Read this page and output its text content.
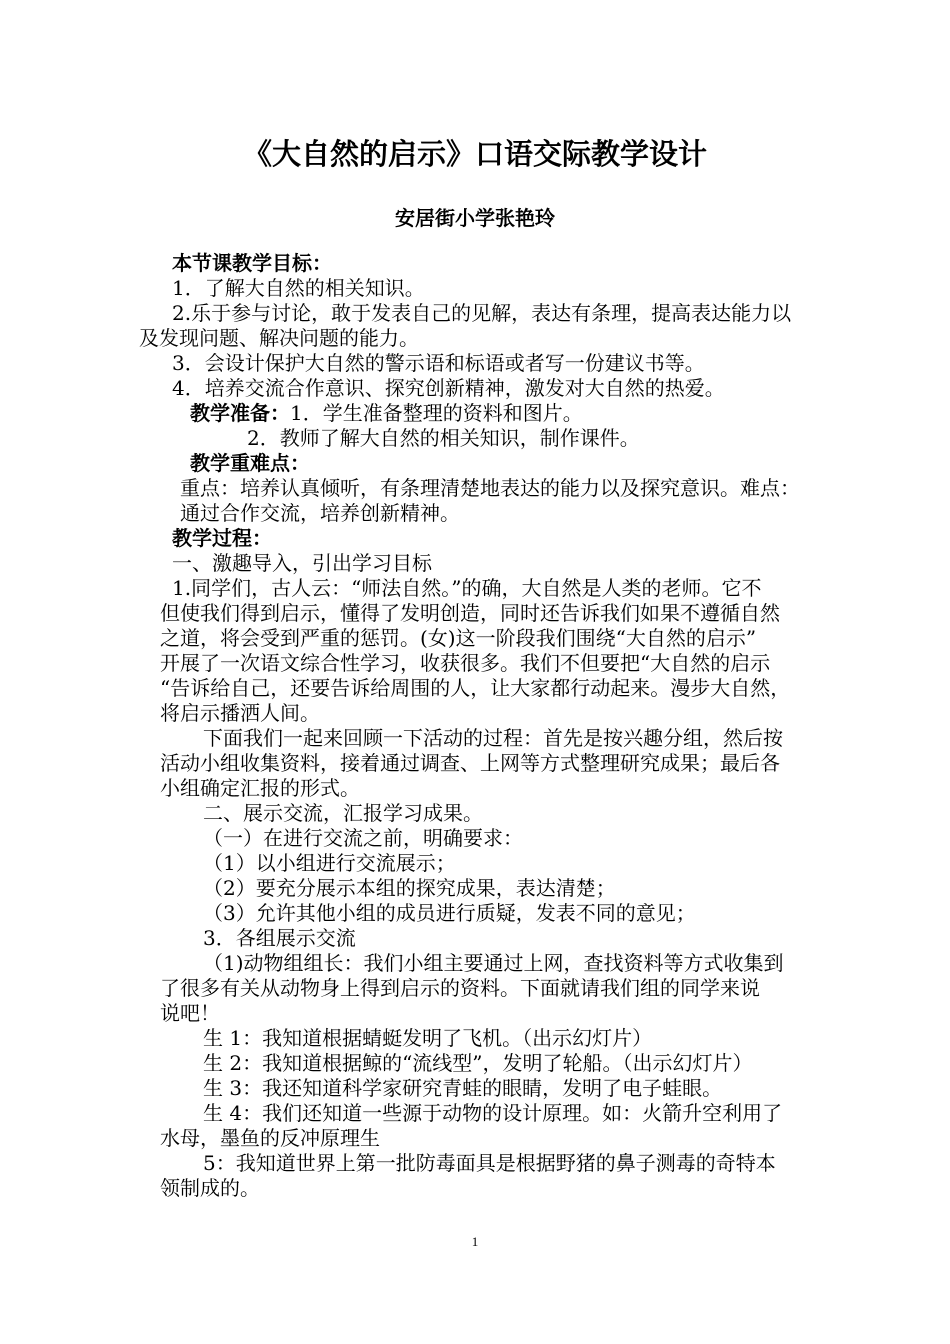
《大自然的启示》口语交际教学设计
安居街小学张艳玲
本节课教学目标：
1．了解大自然的相关知识。
2.乐于参与讨论，敢于发表自己的见解，表达有条理，提高表达能力以
及发现问题、解决问题的能力。
3．会设计保护大自然的警示语和标语或者写一份建议书等。
4．培养交流合作意识、探究创新精神，激发对大自然的热爱。
教学准备：1．学生准备整理的资料和图片。
2．教师了解大自然的相关知识，制作课件。
教学重难点：
重点：培养认真倾听，有条理清楚地表达的能力以及探究意识。难点：
通过合作交流，培养创新精神。
教学过程：
一、激趣导入，引出学习目标
1.同学们，古人云：“师法自然。”的确，大自然是人类的老师。它不
但使我们得到启示，懂得了发明创造，同时还告诉我们如果不遵循自然
之道，将会受到严重的惩罚。(女)这一阶段我们围绕“大自然的启示”
开展了一次语文综合性学习，收获很多。我们不但要把“大自然的启示
“告诉给自己，还要告诉给周围的人，让大家都行动起来。漫步大自然，
将启示播洒人间。
下面我们一起来回顾一下活动的过程：首先是按兴趣分组，然后按
活动小组收集资料，接着通过调查、上网等方式整理研究成果；最后各
小组确定汇报的形式。
二、展示交流，汇报学习成果。
（一）在进行交流之前，明确要求：
（1）以小组进行交流展示；
（2）要充分展示本组的探究成果，表达清楚；
（3）允许其他小组的成员进行质疑，发表不同的意见；
3．各组展示交流
（1)动物组组长：我们小组主要通过上网，查找资料等方式收集到
了很多有关从动物身上得到启示的资料。下面就请我们组的同学来说
说吧！
生 1：我知道根据蜻蜓发明了飞机。（出示幻灯片）
生 2：我知道根据鲸的“流线型”，发明了轮船。（出示幻灯片）
生 3：我还知道科学家研究青蛙的眼睛，发明了电子蛙眼。
生 4：我们还知道一些源于动物的设计原理。如：火箭升空利用了
水母，墨鱼的反冲原理生
5：我知道世界上第一批防毒面具是根据野猪的鼻子测毒的奇特本
领制成的。
1
